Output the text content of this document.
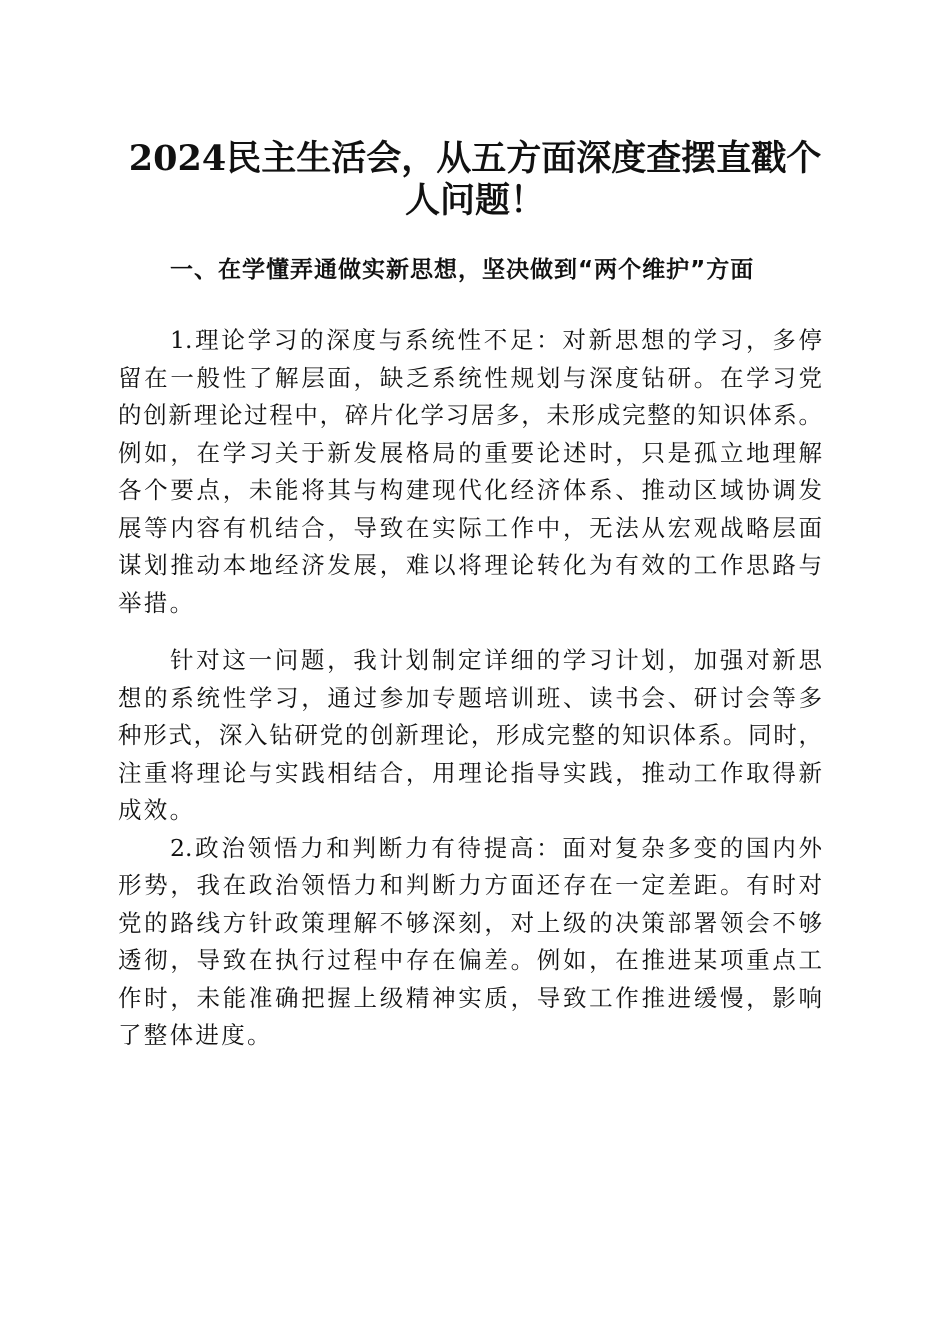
2024民主生活会，从五方面深度查摆直戳个
人问题！
一、在学懂弄通做实新思想，坚决做到“两个维护”方面
1.理论学习的深度与系统性不足：对新思想的学习，多停
留在一般性了解层面，缺乏系统性规划与深度钻研。在学习党
的创新理论过程中，碎片化学习居多，未形成完整的知识体系。
例如，在学习关于新发展格局的重要论述时，只是孤立地理解
各个要点，未能将其与构建现代化经济体系、推动区域协调发
展等内容有机结合，导致在实际工作中，无法从宏观战略层面
谋划推动本地经济发展，难以将理论转化为有效的工作思路与
举措。
针对这一问题，我计划制定详细的学习计划，加强对新思
想的系统性学习，通过参加专题培训班、读书会、研讨会等多
种形式，深入钻研党的创新理论，形成完整的知识体系。同时，
注重将理论与实践相结合，用理论指导实践，推动工作取得新
成效。
2.政治领悟力和判断力有待提高：面对复杂多变的国内外
形势，我在政治领悟力和判断力方面还存在一定差距。有时对
党的路线方针政策理解不够深刻，对上级的决策部署领会不够
透彻，导致在执行过程中存在偏差。例如，在推进某项重点工
作时，未能准确把握上级精神实质，导致工作推进缓慢，影响
了整体进度。
